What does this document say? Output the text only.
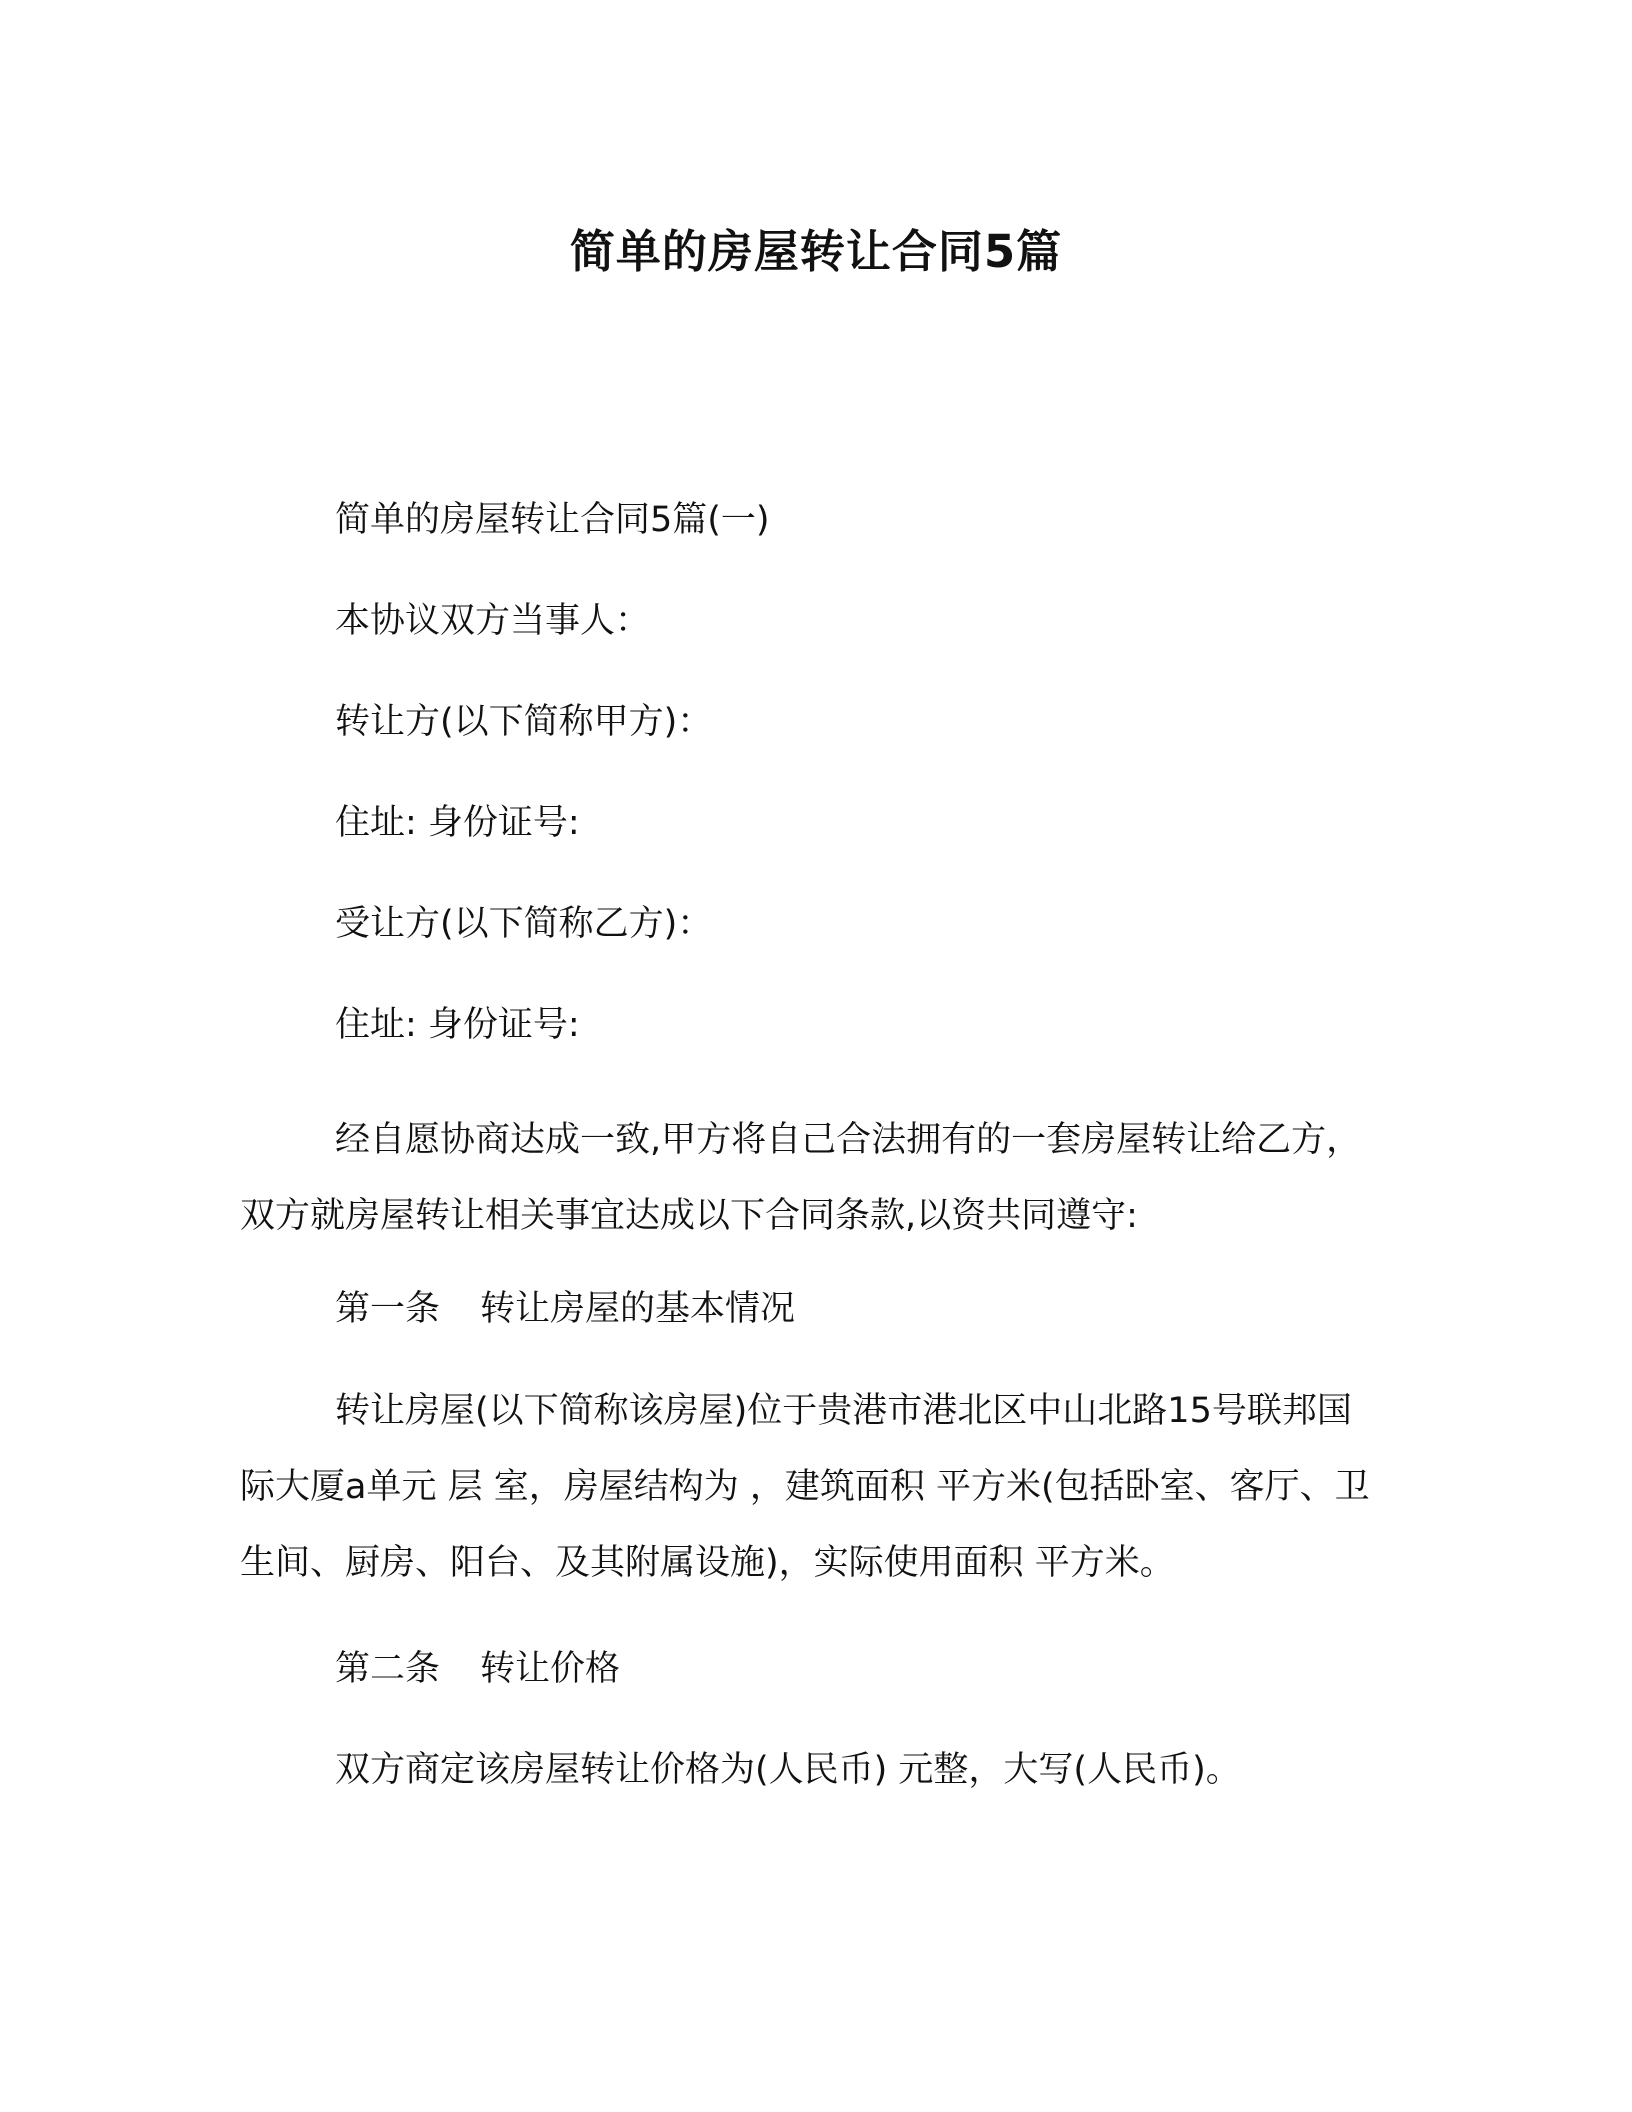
简单的房屋转让合同5篇
简单的房屋转让合同5篇(一)
本协议双方当事人：
转让方(以下简称甲方)：
住址: 身份证号:
受让方(以下简称乙方)：
住址: 身份证号:
经自愿协商达成一致,甲方将自己合法拥有的一套房屋转让给乙方，双方就房屋转让相关事宜达成以下合同条款,以资共同遵守:
第一条 转让房屋的基本情况
转让房屋(以下简称该房屋)位于贵港市港北区中山北路15号联邦国际大厦a单元 层 室，房屋结构为 ，建筑面积 平方米(包括卧室、客厅、卫生间、厨房、阳台、及其附属设施)，实际使用面积 平方米。
第二条 转让价格
双方商定该房屋转让价格为(人民币) 元整，大写(人民币)。
